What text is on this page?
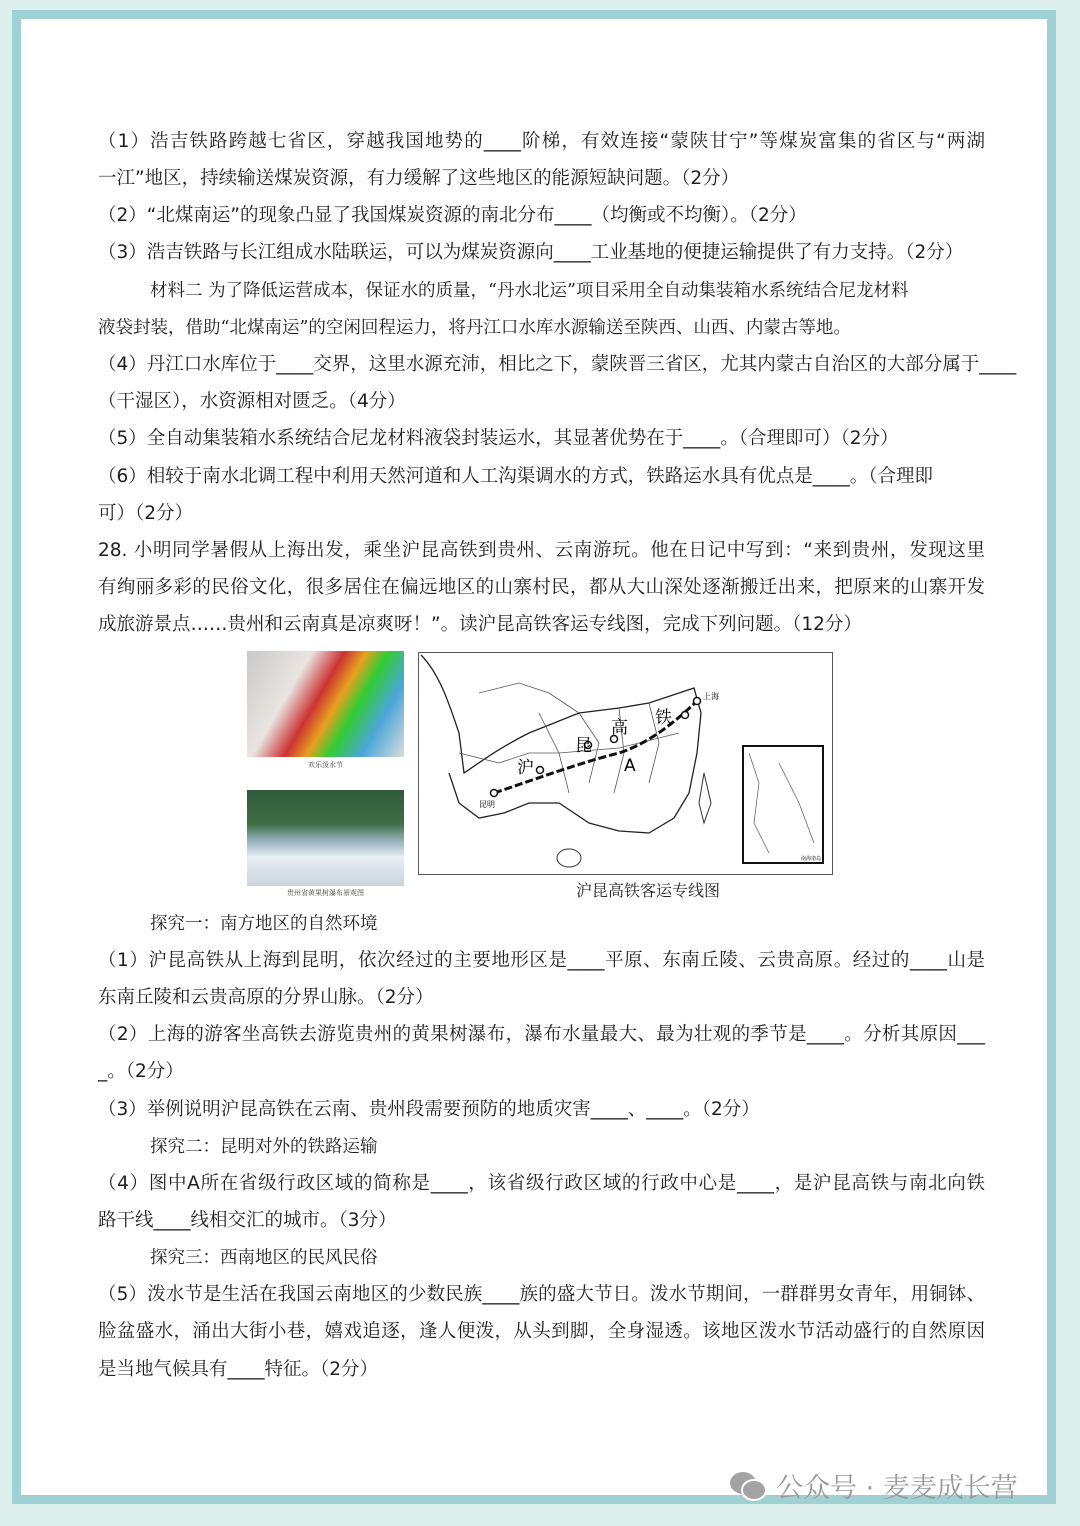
（1）浩吉铁路跨越七省区，穿越我国地势的____阶梯，有效连接“蒙陕甘宁”等煤炭富集的省区与“两湖
一江”地区，持续输送煤炭资源，有力缓解了这些地区的能源短缺问题。（2分）
（2）“北煤南运”的现象凸显了我国煤炭资源的南北分布____（均衡或不均衡）。（2分）
（3）浩吉铁路与长江组成水陆联运，可以为煤炭资源向____工业基地的便捷运输提供了有力支持。（2分）
材料二 为了降低运营成本，保证水的质量，“丹水北运”项目采用全自动集装箱水系统结合尼龙材料
液袋封装，借助“北煤南运”的空闲回程运力，将丹江口水库水源输送至陕西、山西、内蒙古等地。
（4）丹江口水库位于____交界，这里水源充沛，相比之下，蒙陕晋三省区，尤其内蒙古自治区的大部分属于____
（干湿区），水资源相对匮乏。（4分）
（5）全自动集装箱水系统结合尼龙材料液袋封装运水，其显著优势在于____。（合理即可）（2分）
（6）相较于南水北调工程中利用天然河道和人工沟渠调水的方式，铁路运水具有优点是____。（合理即
可）（2分）
28. 小明同学暑假从上海出发，乘坐沪昆高铁到贵州、云南游玩。他在日记中写到：“来到贵州，发现这里
有绚丽多彩的民俗文化，很多居住在偏远地区的山寨村民，都从大山深处逐渐搬迁出来，把原来的山寨开发
成旅游景点……贵州和云南真是凉爽呀！”。读沪昆高铁客运专线图，完成下列问题。（12分）
探究一：南方地区的自然环境
（1）沪昆高铁从上海到昆明，依次经过的主要地形区是____平原、东南丘陵、云贵高原。经过的____山是
东南丘陵和云贵高原的分界山脉。（2分）
（2）上海的游客坐高铁去游览贵州的黄果树瀑布，瀑布水量最大、最为壮观的季节是____。分析其原因___
_。（2分）
（3）举例说明沪昆高铁在云南、贵州段需要预防的地质灾害____、____。（2分）
探究二：昆明对外的铁路运输
（4）图中A所在省级行政区域的简称是____，该省级行政区域的行政中心是____，是沪昆高铁与南北向铁
路干线____线相交汇的城市。（3分）
探究三：西南地区的民风民俗
（5）泼水节是生活在我国云南地区的少数民族____族的盛大节日。泼水节期间，一群群男女青年，用铜钵、
脸盆盛水，涌出大街小巷，嬉戏追逐，逢人便泼，从头到脚，全身湿透。该地区泼水节活动盛行的自然原因
是当地气候具有____特征。（2分）
欢乐泼水节
贵州省黄果树瀑布景观图
昆明
上海
沪
昆
高 铁
A
南海诸岛
沪昆高铁客运专线图
公众号 · 麦麦成长营
